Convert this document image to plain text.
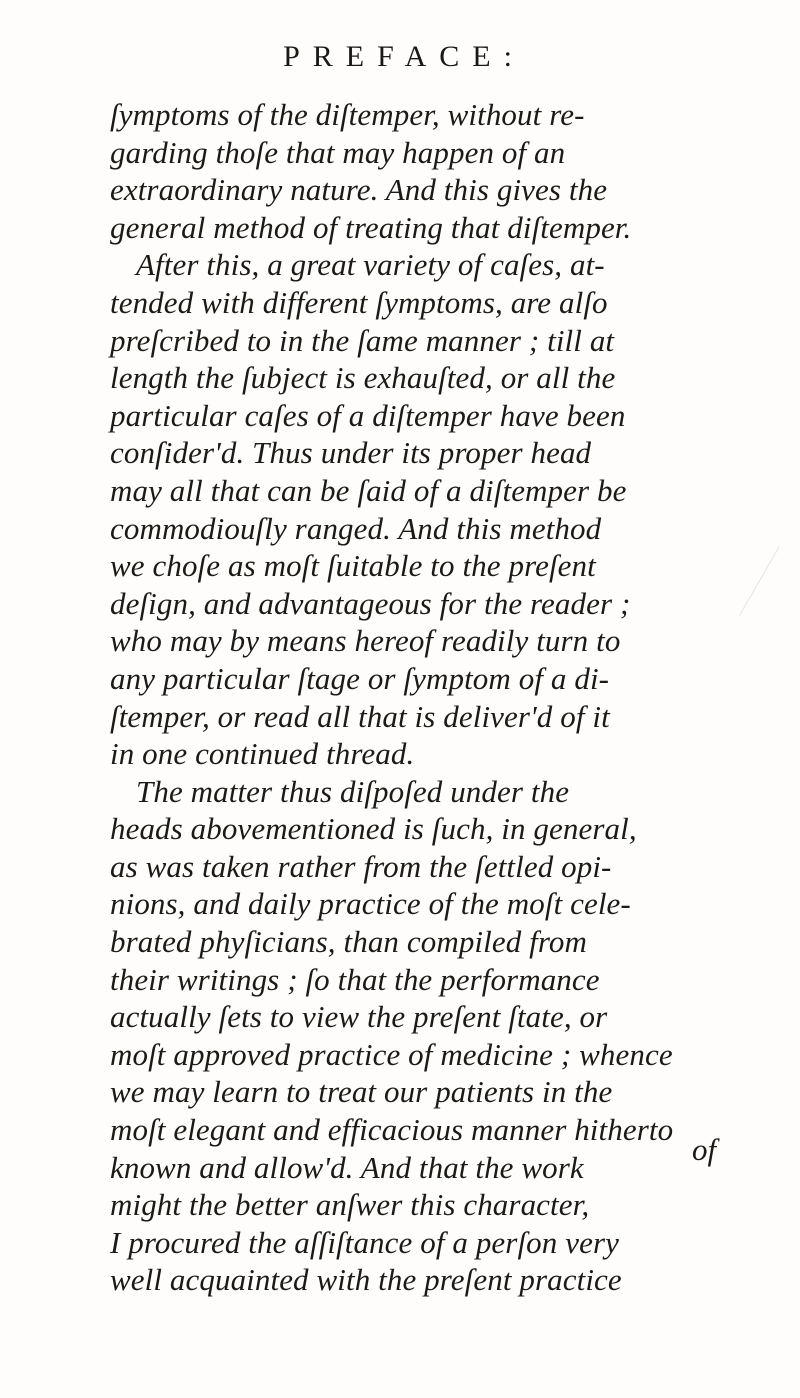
PREFACE:
ſymptoms of the diſtemper, without re-
garding thoſe that may happen of an
extraordinary nature. And this gives the
general method of treating that diſtemper.
After this, a great variety of caſes, at-
tended with different ſymptoms, are alſo
preſcribed to in the ſame manner ; till at
length the ſubject is exhauſted, or all the
particular caſes of a diſtemper have been
conſider'd. Thus under its proper head
may all that can be ſaid of a diſtemper be
commodiouſly ranged. And this method
we choſe as moſt ſuitable to the preſent
deſign, and advantageous for the reader ;
who may by means hereof readily turn to
any particular ſtage or ſymptom of a di-
ſtemper, or read all that is deliver'd of it
in one continued thread.
The matter thus diſpoſed under the
heads abovementioned is ſuch, in general,
as was taken rather from the ſettled opi-
nions, and daily practice of the moſt cele-
brated phyſicians, than compiled from
their writings ; ſo that the performance
actually ſets to view the preſent ſtate, or
moſt approved practice of medicine ; whence
we may learn to treat our patients in the
moſt elegant and efficacious manner hitherto
known and allow'd. And that the work
might the better anſwer this character,
I procured the aſſiſtance of a perſon very
well acquainted with the preſent practice
of
